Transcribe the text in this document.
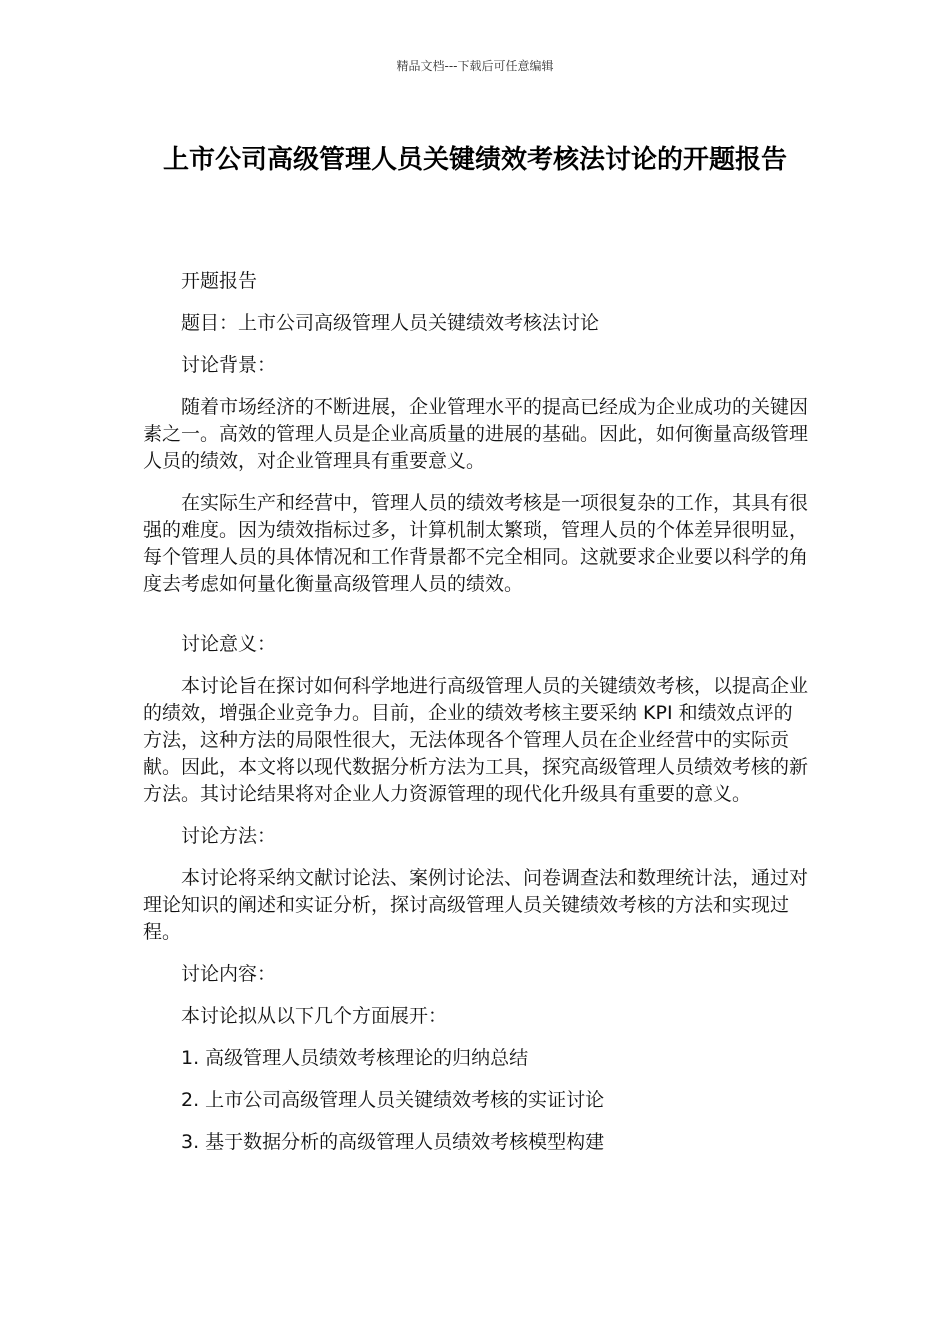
精品文档---下载后可任意编辑
上市公司高级管理人员关键绩效考核法讨论的开题报告

开题报告

题目：上市公司高级管理人员关键绩效考核法讨论

讨论背景：

随着市场经济的不断进展，企业管理水平的提高已经成为企业成功的关键因素之一。高效的管理人员是企业高质量的进展的基础。因此，如何衡量高级管理人员的绩效，对企业管理具有重要意义。

在实际生产和经营中，管理人员的绩效考核是一项很复杂的工作，其具有很强的难度。因为绩效指标过多，计算机制太繁琐，管理人员的个体差异很明显，每个管理人员的具体情况和工作背景都不完全相同。这就要求企业要以科学的角度去考虑如何量化衡量高级管理人员的绩效。

讨论意义：

本讨论旨在探讨如何科学地进行高级管理人员的关键绩效考核，以提高企业的绩效，增强企业竞争力。目前，企业的绩效考核主要采纳 KPI 和绩效点评的方法，这种方法的局限性很大，无法体现各个管理人员在企业经营中的实际贡献。因此，本文将以现代数据分析方法为工具，探究高级管理人员绩效考核的新方法。其讨论结果将对企业人力资源管理的现代化升级具有重要的意义。

讨论方法：

本讨论将采纳文献讨论法、案例讨论法、问卷调查法和数理统计法，通过对理论知识的阐述和实证分析，探讨高级管理人员关键绩效考核的方法和实现过程。

讨论内容：

本讨论拟从以下几个方面展开：

1. 高级管理人员绩效考核理论的归纳总结

2. 上市公司高级管理人员关键绩效考核的实证讨论

3. 基于数据分析的高级管理人员绩效考核模型构建
